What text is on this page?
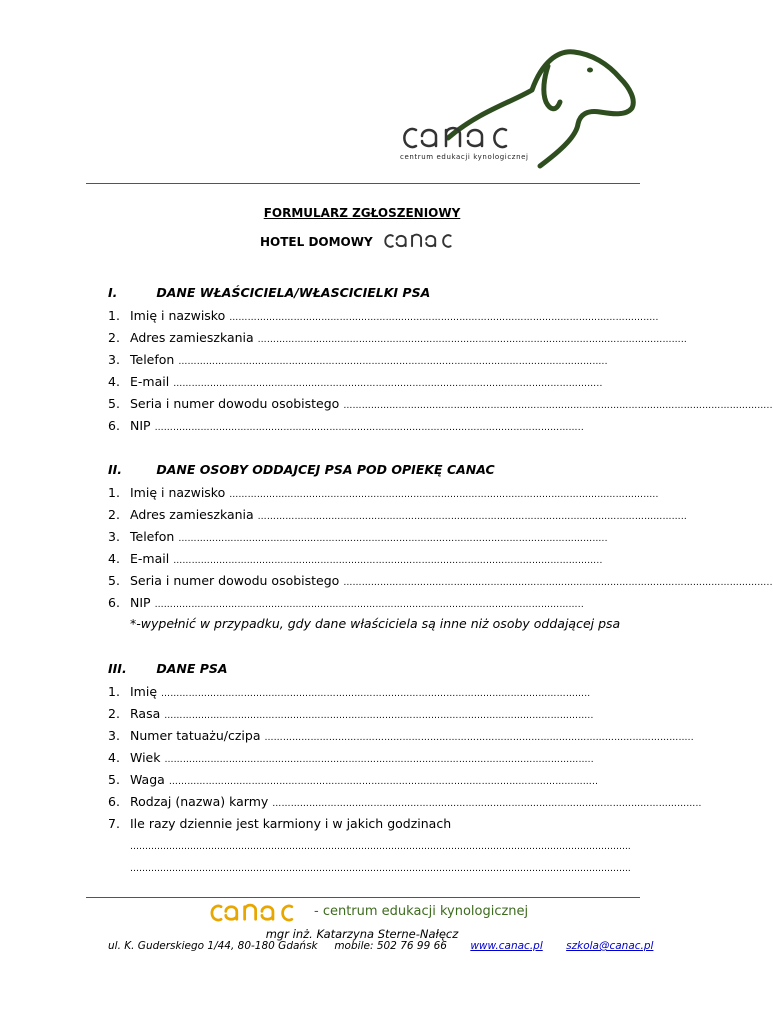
centrum edukacji kynologicznej
FORMULARZ ZGŁOSZENIOWY
HOTEL DOMOWY
I.	DANE WŁAŚCICIELA/WŁASCICIELKI PSA
1. Imię i nazwisko …………………………………………………………………………………………………………………………..
2. Adres zamieszkania …………………………………………………………………………………………………………………………..
3. Telefon …………………………………………………………………………………………………………………………..
4. E-mail …………………………………………………………………………………………………………………………..
5. Seria i numer dowodu osobistego …………………………………………………………………………………………………………………………..
6. NIP …………………………………………………………………………………………………………………………..
II.	DANE OSOBY ODDAJCEJ PSA POD OPIEKĘ CANAC
1. Imię i nazwisko …………………………………………………………………………………………………………………………..
2. Adres zamieszkania …………………………………………………………………………………………………………………………..
3. Telefon …………………………………………………………………………………………………………………………..
4. E-mail …………………………………………………………………………………………………………………………..
5. Seria i numer dowodu osobistego …………………………………………………………………………………………………………………………..
6. NIP …………………………………………………………………………………………………………………………..
*-wypełnić w przypadku, gdy dane właściciela są inne niż osoby oddającej psa
III. DANE PSA
1. Imię …………………………………………………………………………………………………………………………..
2. Rasa …………………………………………………………………………………………………………………………..
3. Numer tatuażu/czipa …………………………………………………………………………………………………………………………..
4. Wiek …………………………………………………………………………………………………………………………..
5. Waga …………………………………………………………………………………………………………………………..
6. Rodzaj (nazwa) karmy …………………………………………………………………………………………………………………………..
7. Ile razy dziennie jest karmiony i w jakich godzinach
…………………………………………………………………………………………………………………………………………………..
…………………………………………………………………………………………………………………………………………………..
- centrum edukacji kynologicznej
mgr inż. Katarzyna Sterne-Nałęcz
ul. K. Guderskiego 1/44, 80-180 Gdańsk mobile: 502 76 99 66 www.canac.pl szkola@canac.pl
